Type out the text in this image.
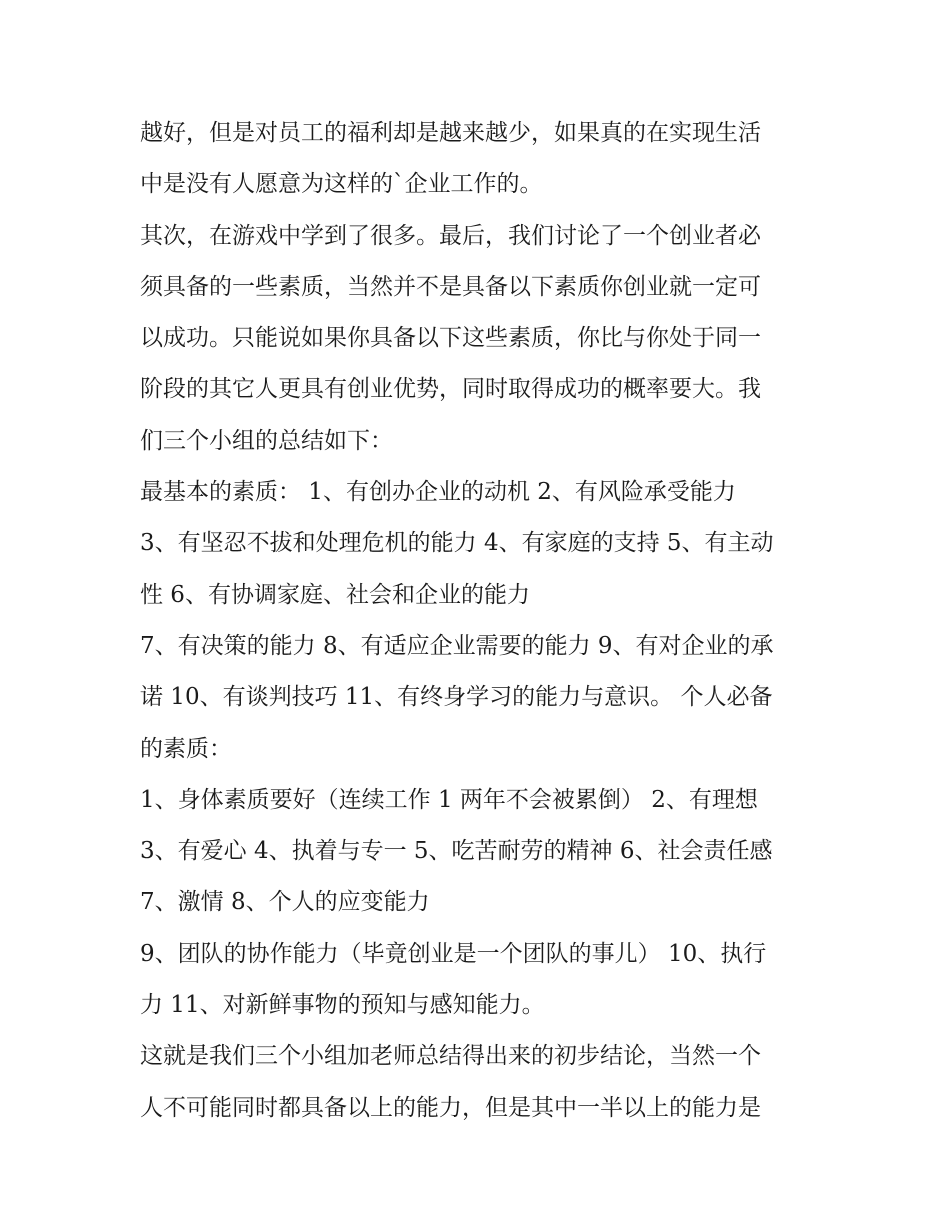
越好，但是对员工的福利却是越来越少，如果真的在实现生活
中是没有人愿意为这样的`企业工作的。
其次，在游戏中学到了很多。最后，我们讨论了一个创业者必
须具备的一些素质，当然并不是具备以下素质你创业就一定可
以成功。只能说如果你具备以下这些素质，你比与你处于同一
阶段的其它人更具有创业优势，同时取得成功的概率要大。我
们三个小组的总结如下：
最基本的素质： 1、有创办企业的动机 2、有风险承受能力
3、有坚忍不拔和处理危机的能力 4、有家庭的支持 5、有主动
性 6、有协调家庭、社会和企业的能力
7、有决策的能力 8、有适应企业需要的能力 9、有对企业的承
诺 10、有谈判技巧 11、有终身学习的能力与意识。 个人必备
的素质：
1、身体素质要好（连续工作 1 两年不会被累倒） 2、有理想
3、有爱心 4、执着与专一 5、吃苦耐劳的精神 6、社会责任感
7、激情 8、个人的应变能力
9、团队的协作能力（毕竟创业是一个团队的事儿） 10、执行
力 11、对新鲜事物的预知与感知能力。
这就是我们三个小组加老师总结得出来的初步结论，当然一个
人不可能同时都具备以上的能力，但是其中一半以上的能力是
